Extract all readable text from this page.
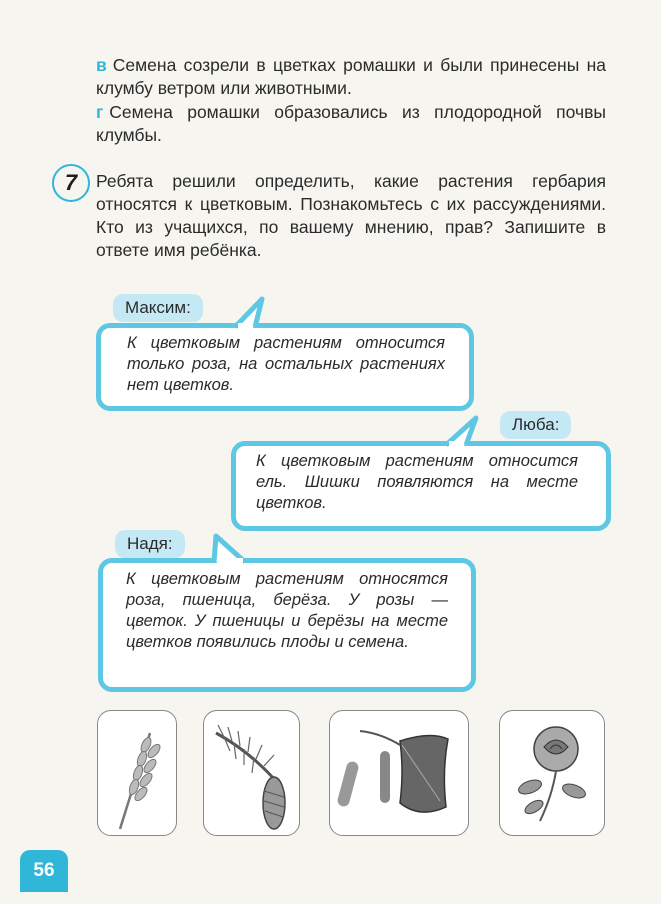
в Семена созрели в цветках ромашки и были принесены на клумбу ветром или животными.
г Семена ромашки образовались из плодородной почвы клумбы.
7	Ребята решили определить, какие растения гербария относятся к цветковым. Познакомьтесь с их рассуждениями. Кто из учащихся, по вашему мнению, прав? Запишите в ответе имя ребёнка.
Максим:
Люба:
Надя:
К цветковым растениям относится только роза, на остальных растениях нет цветков.
К цветковым растениям относится ель. Шишки появляются на месте цветков.
К цветковым растениям относятся роза, пшеница, берёза. У розы — цветок. У пшеницы и берёзы на месте цветков появились плоды и семена.
56
